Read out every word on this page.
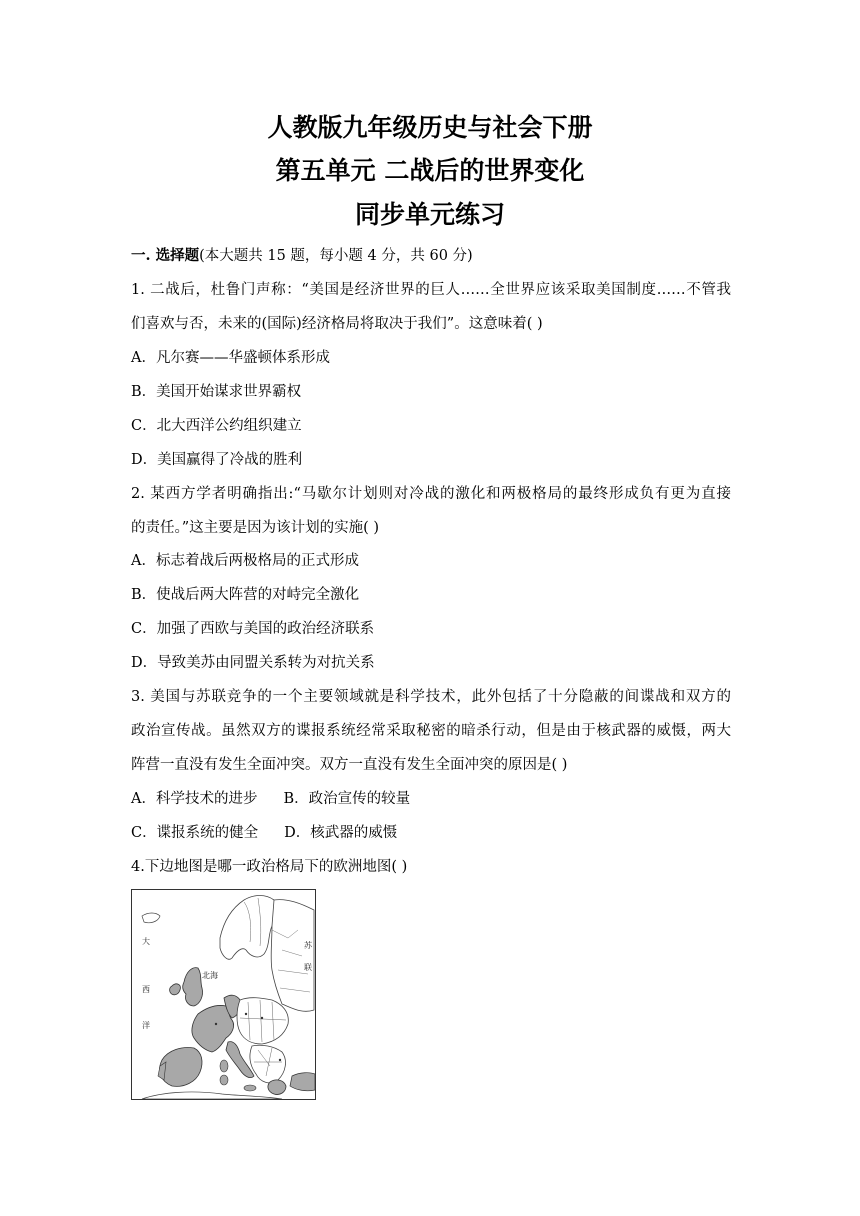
人教版九年级历史与社会下册
第五单元 二战后的世界变化
同步单元练习
一. 选择题(本大题共 15 题，每小题 4 分，共 60 分)
1. 二战后，杜鲁门声称：“美国是经济世界的巨人……全世界应该采取美国制度……不管我
们喜欢与否，未来的(国际)经济格局将取决于我们”。这意味着( )
A．凡尔赛——华盛顿体系形成
B．美国开始谋求世界霸权
C．北大西洋公约组织建立
D．美国赢得了冷战的胜利
2. 某西方学者明确指出:“马歇尔计划则对冷战的激化和两极格局的最终形成负有更为直接
的责任。”这主要是因为该计划的实施( )
A．标志着战后两极格局的正式形成
B．使战后两大阵营的对峙完全激化
C．加强了西欧与美国的政治经济联系
D．导致美苏由同盟关系转为对抗关系
3. 美国与苏联竞争的一个主要领域就是科学技术，此外包括了十分隐蔽的间谍战和双方的
政治宣传战。虽然双方的谍报系统经常采取秘密的暗杀行动，但是由于核武器的威慑，两大
阵营一直没有发生全面冲突。双方一直没有发生全面冲突的原因是( )
A．科学技术的进步 B．政治宣传的较量
C．谍报系统的健全 D．核武器的威慑
4.下边地图是哪一政治格局下的欧洲地图( )
大
西
洋
北海
苏
联
